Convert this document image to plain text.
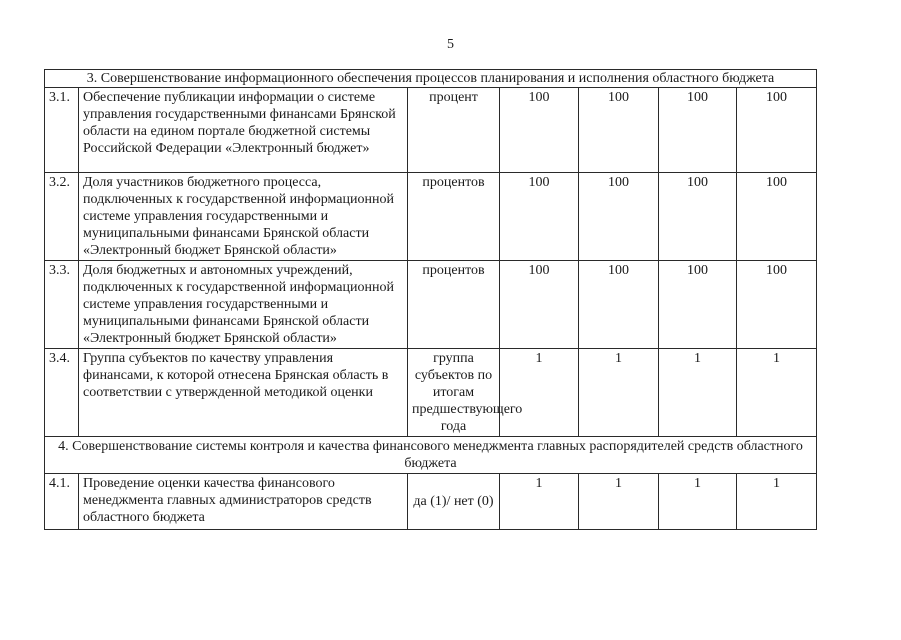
5
3. Совершенствование информационного обеспечения процессов планирования и исполнения областного бюджета						
3.1.	Обеспечение публикации информации о системе управления государственными финансами Брянской области на едином портале бюджетной системы Российской Федерации «Электронный бюджет»	процент	100	100	100	100
3.2.	Доля участников бюджетного процесса, подключенных к государственной информационной системе управления государственными и муниципальными финансами Брянской области «Электронный бюджет Брянской области»	процентов	100	100	100	100
3.3.	Доля бюджетных и автономных учреждений, подключенных к государственной информационной системе управления государственными и муниципальными финансами Брянской области «Электронный бюджет Брянской области»	процентов	100	100	100	100
3.4.	Группа субъектов по качеству управления финансами, к которой отнесена Брянская область в соответствии с утвержденной методикой оценки	группа субъектов по итогам предшествующего года	1	1	1	1
4. Совершенствование системы контроля и качества финансового менеджмента главных распорядителей средств областного бюджета						
4.1.	Проведение оценки качества финансового менеджмента главных администраторов средств областного бюджета	да (1)/ нет (0)	1	1	1	1
